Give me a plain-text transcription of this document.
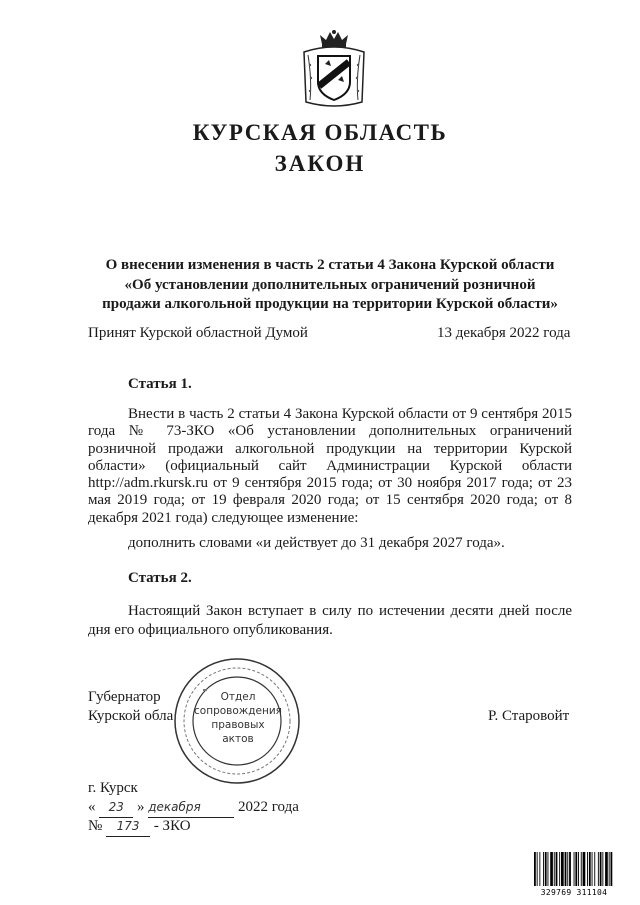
КУРСКАЯ ОБЛАСТЬ
ЗАКОН
О внесении изменения в часть 2 статьи 4 Закона Курской области
«Об установлении дополнительных ограничений розничной
продажи алкогольной продукции на территории Курской области»
Принят Курской областной Думой	13 декабря 2022 года
Статья 1.
Внести в часть 2 статьи 4 Закона Курской области от 9 сентября 2015 года № 73-ЗКО «Об установлении дополнительных ограничений розничной продажи алкогольной продукции на территории Курской области» (официальный сайт Администрации Курской области http://adm.rkursk.ru от 9 сентября 2015 года; от 30 ноября 2017 года; от 23 мая 2019 года; от 19 февраля 2020 года; от 15 сентября 2020 года; от 8 декабря 2021 года) следующее изменение:
дополнить словами «и действует до 31 декабря 2027 года».
Статья 2.
Настоящий Закон вступает в силу по истечении десяти дней после дня его официального опубликования.
Губернатор
Курской обла	Р. Старовойт
Отдел
сопровождения
правовых
актов
г. Курск
« 23 » декабря 2022 года
№ 173 - ЗКО
329769 311104
